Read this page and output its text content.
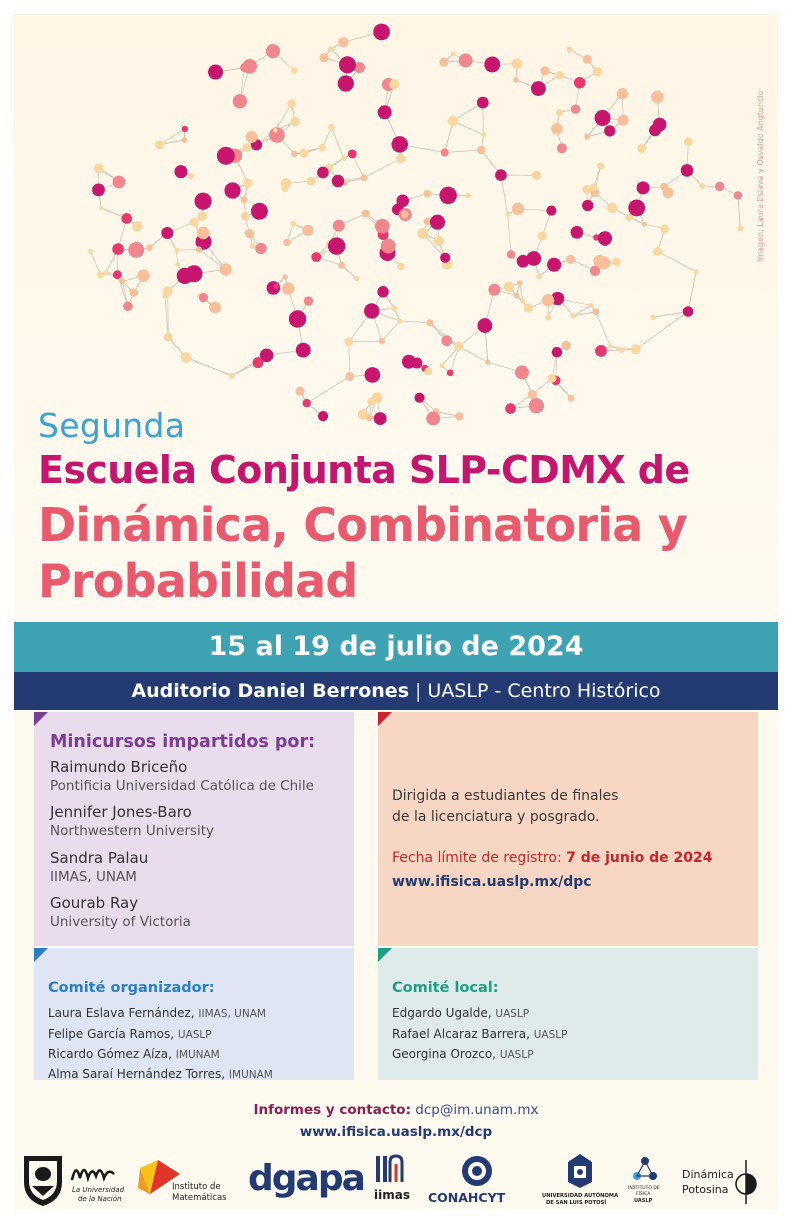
Imagen: Laura Eslava y Osvaldo Angtuncio
Segunda
Escuela Conjunta SLP-CDMX de
Dinámica, Combinatoria y
Probabilidad
15 al 19 de julio de 2024
Auditorio Daniel Berrones | UASLP - Centro Histórico
Minicursos impartidos por:
Raimundo Briceño
Pontificia Universidad Católica de Chile
Jennifer Jones-Baro
Northwestern University
Sandra Palau
IIMAS, UNAM
Gourab Ray
University of Victoria
Dirigida a estudiantes de finales
de la licenciatura y posgrado.
Fecha límite de registro: 7 de junio de 2024
www.ifisica.uaslp.mx/dpc
Comité organizador:
Laura Eslava Fernández, IIMAS, UNAM
Felipe García Ramos, UASLP
Ricardo Gómez Aíza, IMUNAM
Alma Saraí Hernández Torres, IMUNAM
Comité local:
Edgardo Ugalde, UASLP
Rafael Alcaraz Barrera, UASLP
Georgina Orozco, UASLP
Informes y contacto: dcp@im.unam.mx
www.ifisica.uaslp.mx/dcp
La Universidad
de la Nación
Instituto de
Matemáticas dgapa iimas CONAHCYT	UNIVERSIDAD AUTÓNOMA
DE SAN LUIS POTOSÍ
INSTITUTO DE
FÍSICA
UASLP
Dinámica
Potosina
